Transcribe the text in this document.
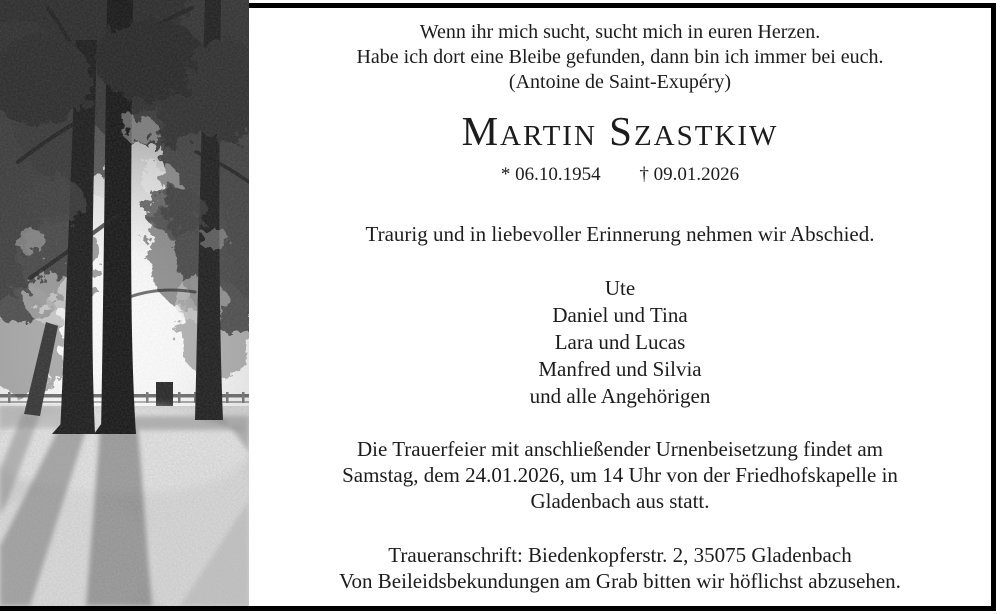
Wenn ihr mich sucht, sucht mich in euren Herzen.
Habe ich dort eine Bleibe gefunden, dann bin ich immer bei euch.
(Antoine de Saint-Exupéry)
Martin Szastkiw
* 06.10.1954 † 09.01.2026
Traurig und in liebevoller Erinnerung nehmen wir Abschied.
Ute
Daniel und Tina
Lara und Lucas
Manfred und Silvia
und alle Angehörigen
Die Trauerfeier mit anschließender Urnenbeisetzung findet am
Samstag, dem 24.01.2026, um 14 Uhr von der Friedhofskapelle in
Gladenbach aus statt.
Traueranschrift: Biedenkopferstr. 2, 35075 Gladenbach
Von Beileidsbekundungen am Grab bitten wir höflichst abzusehen.
